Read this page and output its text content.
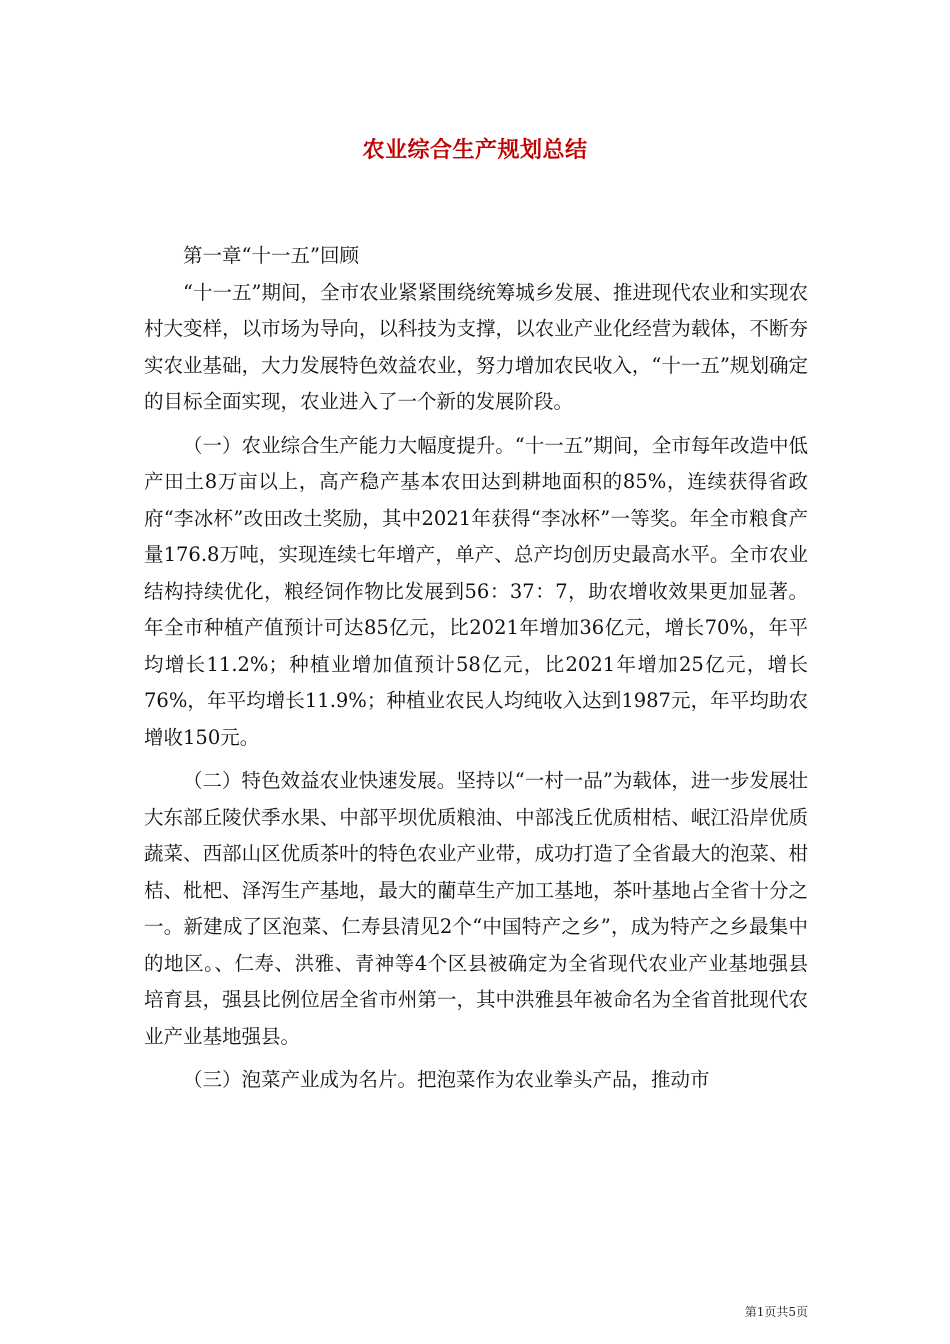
农业综合生产规划总结

第一章“十一五”回顾

“十一五”期间，全市农业紧紧围绕统筹城乡发展、推进现代农业和实现农村大变样，以市场为导向，以科技为支撑，以农业产业化经营为载体，不断夯实农业基础，大力发展特色效益农业，努力增加农民收入，“十一五”规划确定的目标全面实现，农业进入了一个新的发展阶段。

（一）农业综合生产能力大幅度提升。“十一五”期间，全市每年改造中低产田土8万亩以上，高产稳产基本农田达到耕地面积的85%，连续获得省政府“李冰杯”改田改土奖励，其中2021年获得“李冰杯”一等奖。年全市粮食产量176.8万吨，实现连续七年增产，单产、总产均创历史最高水平。全市农业结构持续优化，粮经饲作物比发展到56：37：7，助农增收效果更加显著。年全市种植产值预计可达85亿元，比2021年增加36亿元，增长70%，年平均增长11.2%；种植业增加值预计58亿元，比2021年增加25亿元，增长76%，年平均增长11.9%；种植业农民人均纯收入达到1987元，年平均助农增收150元。

（二）特色效益农业快速发展。坚持以“一村一品”为载体，进一步发展壮大东部丘陵伏季水果、中部平坝优质粮油、中部浅丘优质柑桔、岷江沿岸优质蔬菜、西部山区优质茶叶的特色农业产业带，成功打造了全省最大的泡菜、柑桔、枇杷、泽泻生产基地，最大的藺草生产加工基地，茶叶基地占全省十分之一。新建成了区泡菜、仁寿县清见2个“中国特产之乡”，成为特产之乡最集中的地区。、仁寿、洪雅、青神等4个区县被确定为全省现代农业产业基地强县培育县，强县比例位居全省市州第一，其中洪雅县年被命名为全省首批现代农业产业基地强县。

（三）泡菜产业成为名片。把泡菜作为农业拳头产品，推动市

第1页共5页
